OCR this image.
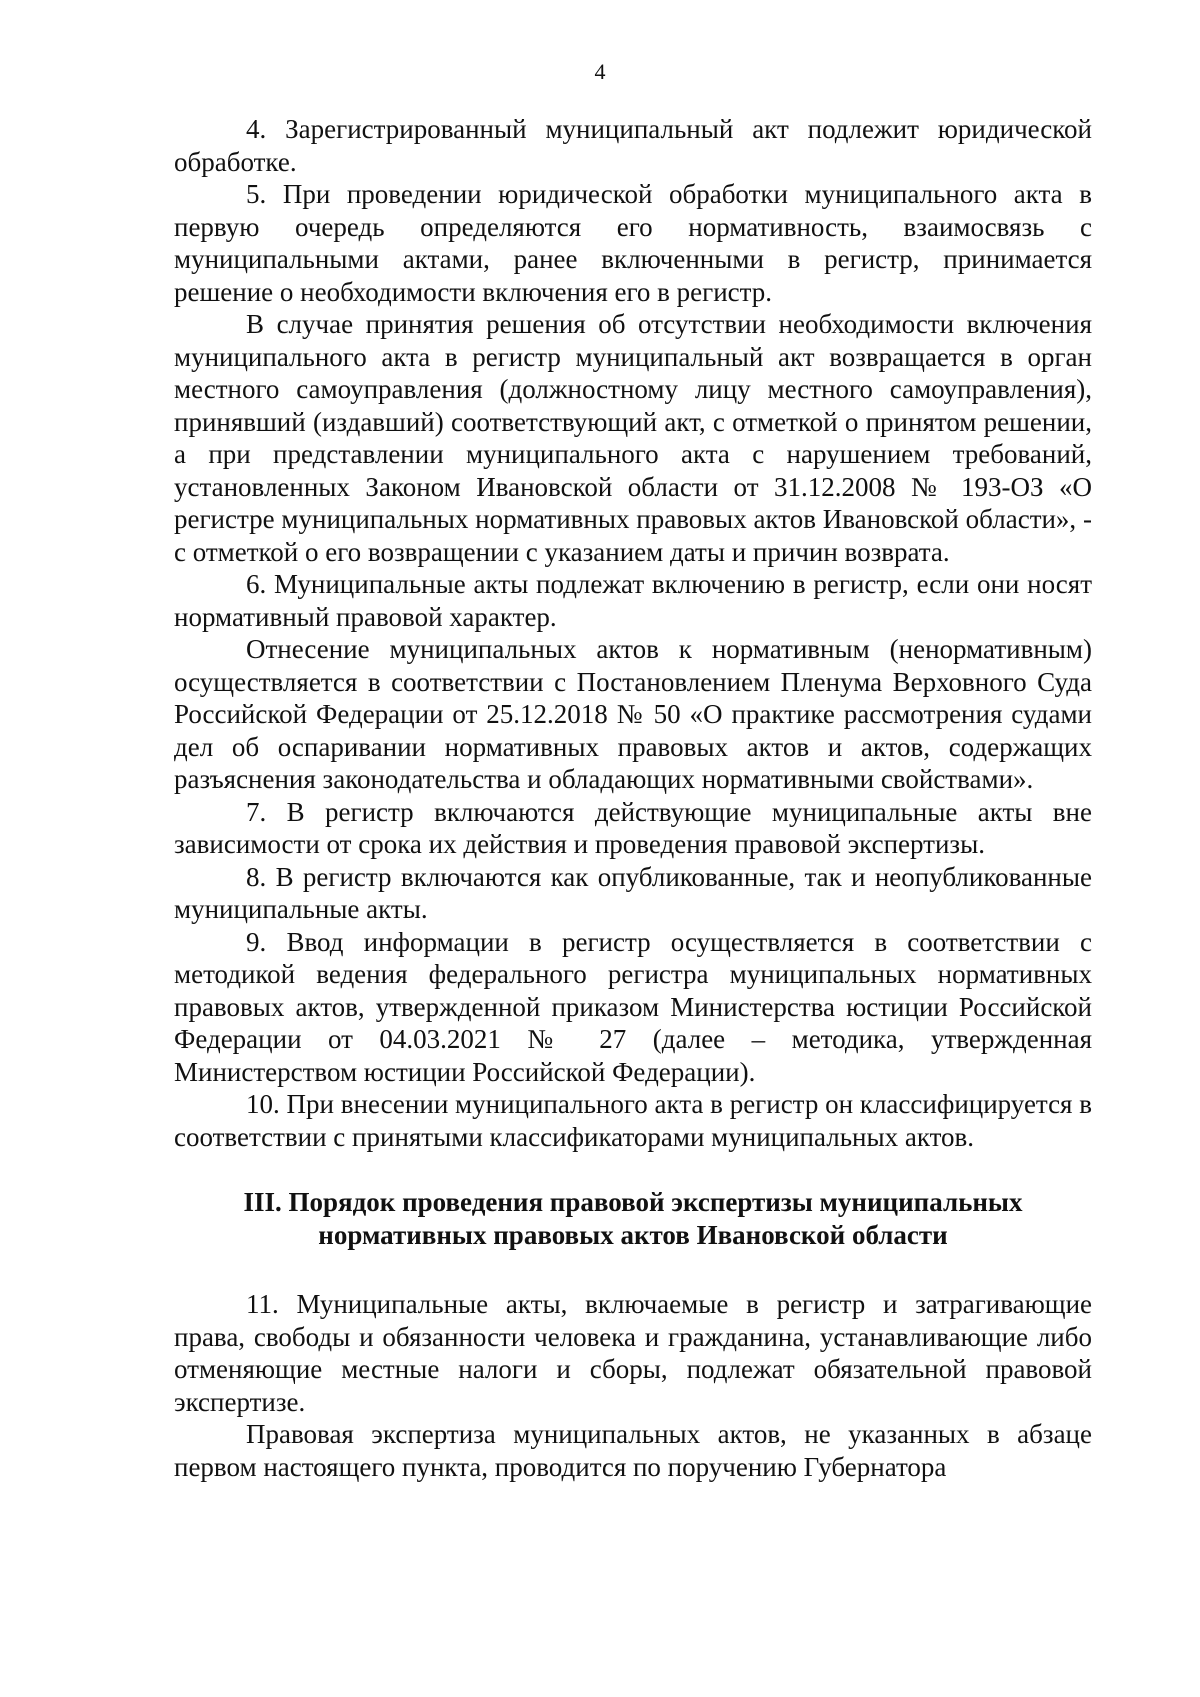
4

4. Зарегистрированный муниципальный акт подлежит юридической обработке.

5. При проведении юридической обработки муниципального акта в первую очередь определяются его нормативность, взаимосвязь с муниципальными актами, ранее включенными в регистр, принимается решение о необходимости включения его в регистр.

В случае принятия решения об отсутствии необходимости включения муниципального акта в регистр муниципальный акт возвращается в орган местного самоуправления (должностному лицу местного самоуправления), принявший (издавший) соответствующий акт, с отметкой о принятом решении, а при представлении муниципального акта с нарушением требований, установленных Законом Ивановской области от 31.12.2008 № 193-ОЗ «О регистре муниципальных нормативных правовых актов Ивановской области», - с отметкой о его возвращении с указанием даты и причин возврата.

6. Муниципальные акты подлежат включению в регистр, если они носят нормативный правовой характер.

Отнесение муниципальных актов к нормативным (ненормативным) осуществляется в соответствии с Постановлением Пленума Верховного Суда Российской Федерации от 25.12.2018 № 50 «О практике рассмотрения судами дел об оспаривании нормативных правовых актов и актов, содержащих разъяснения законодательства и обладающих нормативными свойствами».

7. В регистр включаются действующие муниципальные акты вне зависимости от срока их действия и проведения правовой экспертизы.

8. В регистр включаются как опубликованные, так и неопубликованные муниципальные акты.

9. Ввод информации в регистр осуществляется в соответствии с методикой ведения федерального регистра муниципальных нормативных правовых актов, утвержденной приказом Министерства юстиции Российской Федерации от 04.03.2021 № 27 (далее – методика, утвержденная Министерством юстиции Российской Федерации).

10. При внесении муниципального акта в регистр он классифицируется в соответствии с принятыми классификаторами муниципальных актов.

III. Порядок проведения правовой экспертизы муниципальных
нормативных правовых актов Ивановской области

11. Муниципальные акты, включаемые в регистр и затрагивающие права, свободы и обязанности человека и гражданина, устанавливающие либо отменяющие местные налоги и сборы, подлежат обязательной правовой экспертизе.

Правовая экспертиза муниципальных актов, не указанных в абзаце первом настоящего пункта, проводится по поручению Губернатора
